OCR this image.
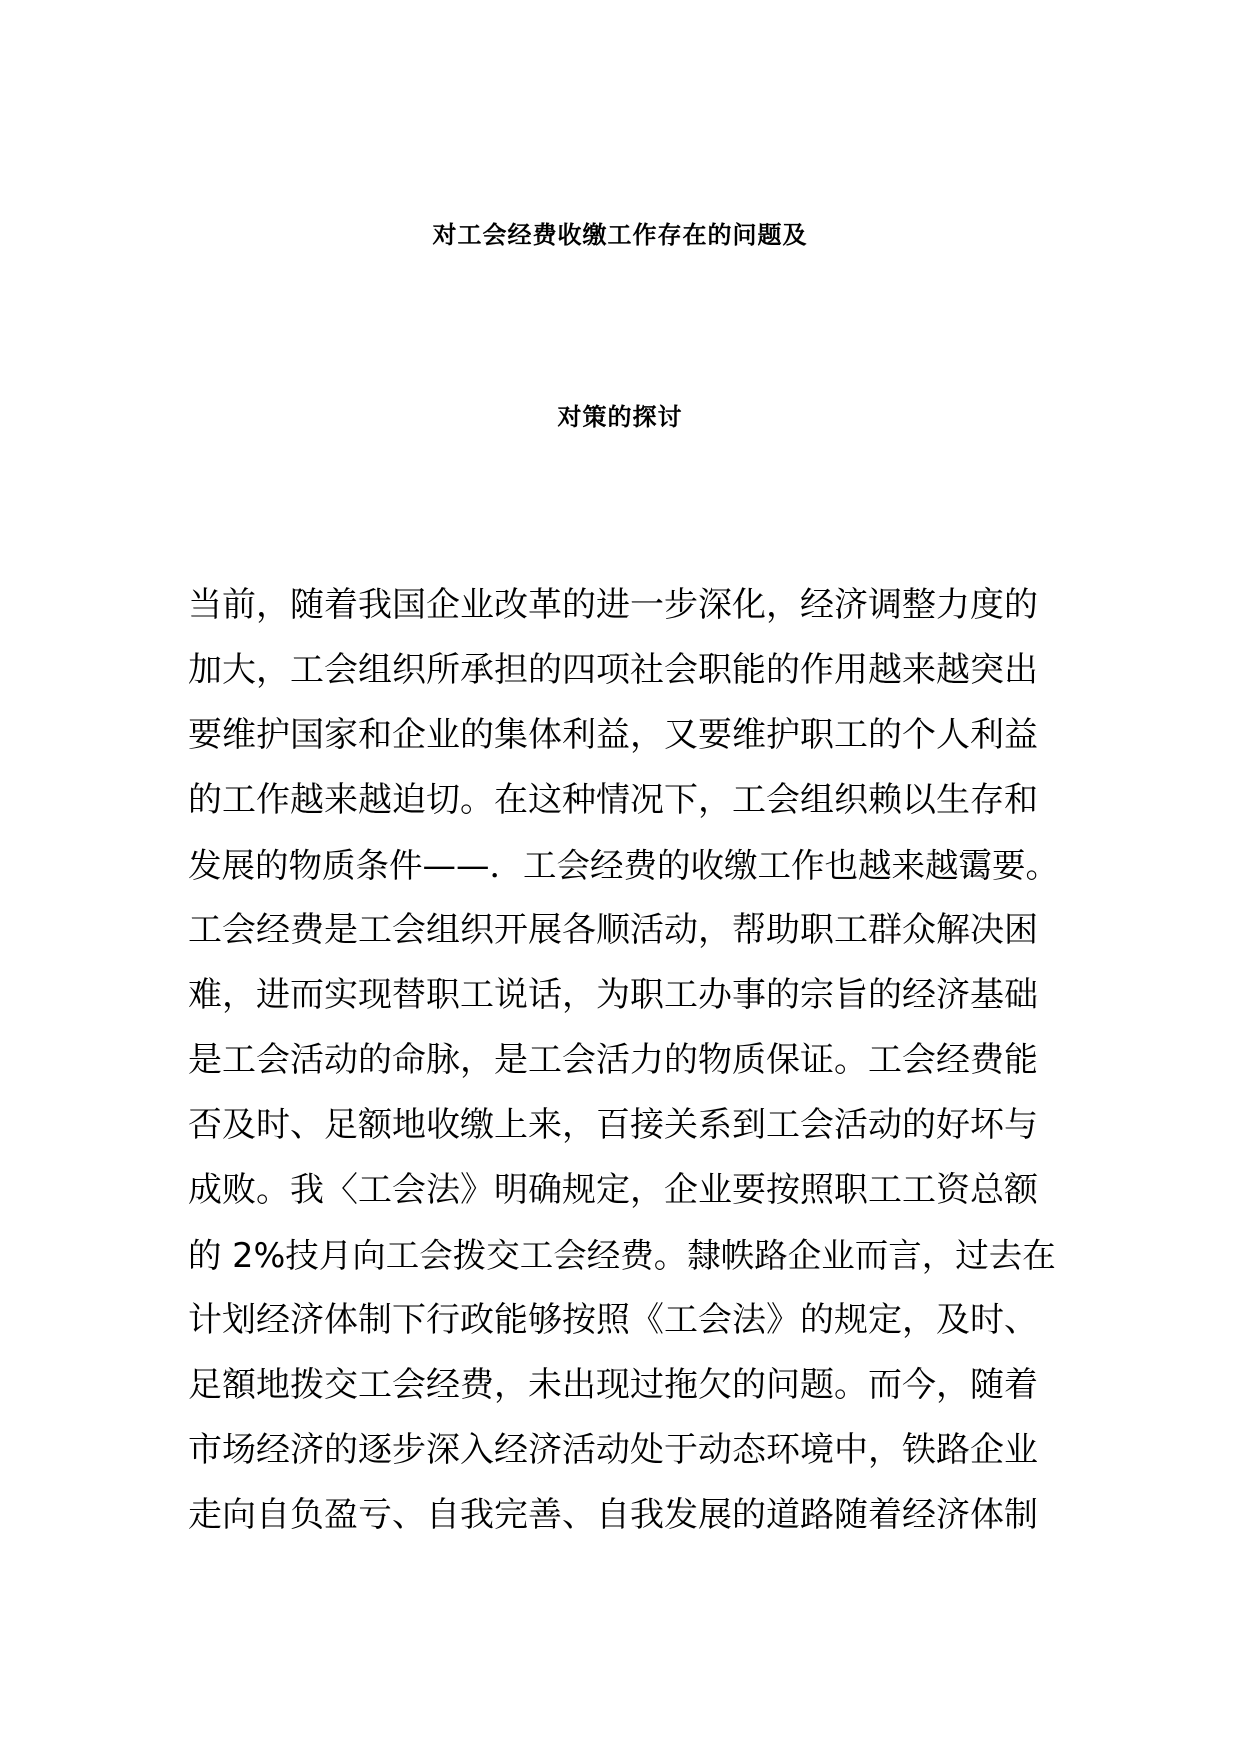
对工会经费收缴工作存在的问题及
对策的探讨
当前，随着我国企业改革的进一步深化，经济调整力度的
加大，工会组织所承担的四项社会职能的作用越来越突出
要维护国家和企业的集体利益，又要维护职工的个人利益
的工作越来越迫切。在这种情况下，工会组织赖以生存和
发展的物质条件——．工会经费的收缴工作也越来越霭要。
工会经费是工会组织开展各顺活动，帮助职工群众解决困
难，进而实现替职工说话，为职工办事的宗旨的经济基础
是工会活动的命脉，是工会活力的物质保证。工会经费能
否及时、足额地收缴上来，百接关系到工会活动的好坏与
成败。我〈工会法》明确规定，企业要按照职工工资总额
的 2%技月向工会拨交工会经费。隸帙路企业而言，过去在
计划经济体制下行政能够按照《工会法》的规定，及时、
足額地拨交工会经费，未出现过拖欠的问题。而今，随着
市场经济的逐步深入经济活动处于动态环境中，铁路企业
走向自负盈亏、自我完善、自我发展的道路随着经济体制
